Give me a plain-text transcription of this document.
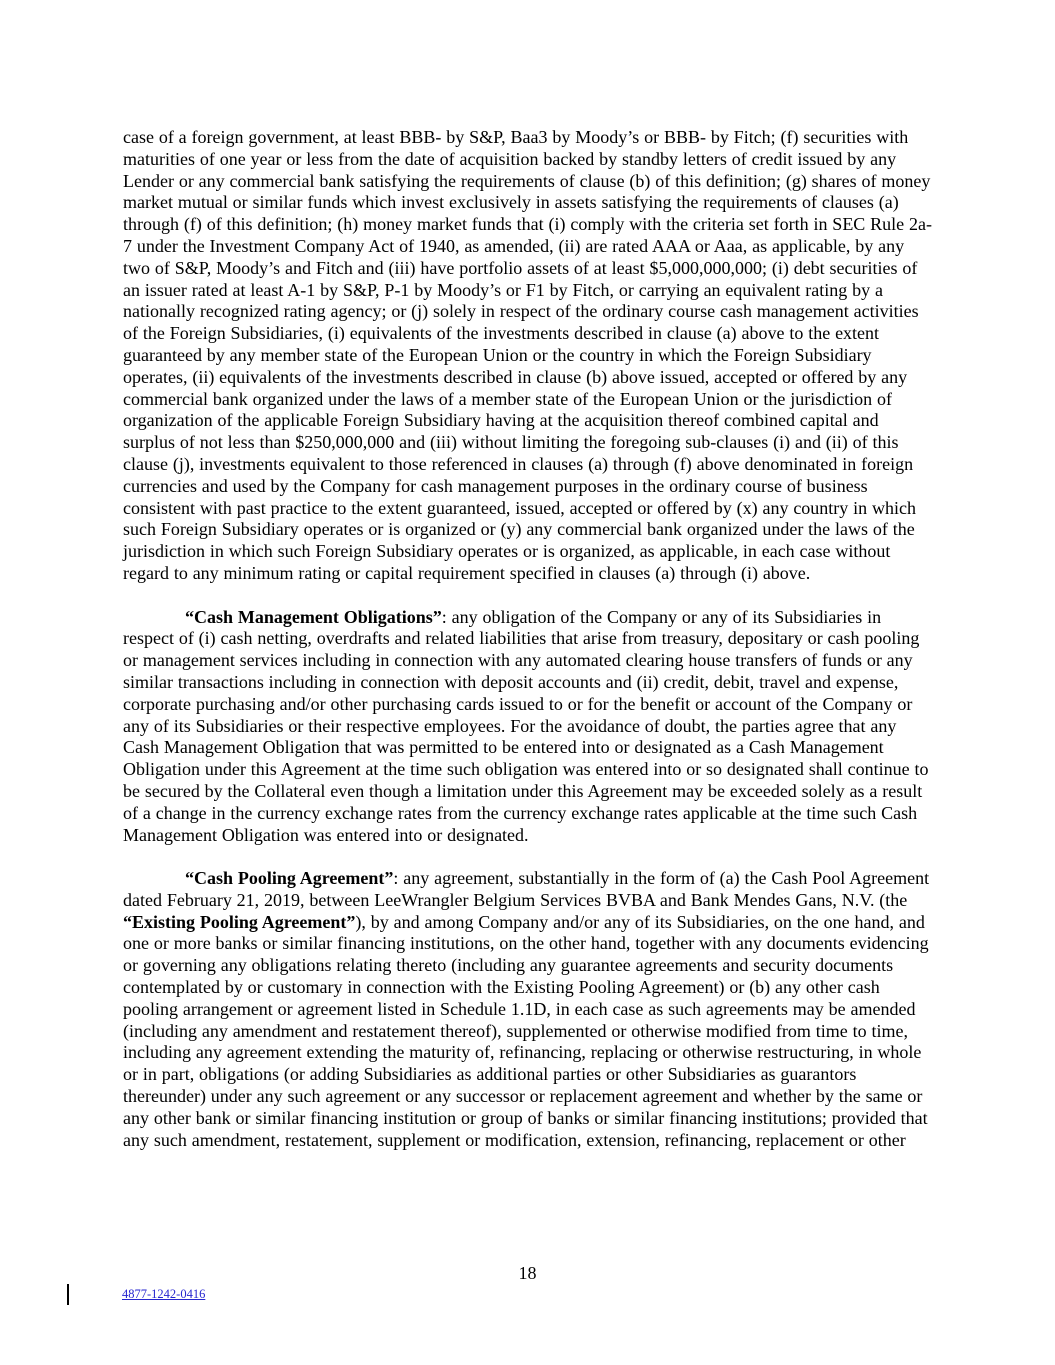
case of a foreign government, at least BBB- by S&P, Baa3 by Moody’s or BBB- by Fitch; (f) securities with maturities of one year or less from the date of acquisition backed by standby letters of credit issued by any Lender or any commercial bank satisfying the requirements of clause (b) of this definition; (g) shares of money market mutual or similar funds which invest exclusively in assets satisfying the requirements of clauses (a) through (f) of this definition; (h) money market funds that (i) comply with the criteria set forth in SEC Rule 2a-7 under the Investment Company Act of 1940, as amended, (ii) are rated AAA or Aaa, as applicable, by any two of S&P, Moody’s and Fitch and (iii) have portfolio assets of at least $5,000,000,000; (i) debt securities of an issuer rated at least A-1 by S&P, P-1 by Moody’s or F1 by Fitch, or carrying an equivalent rating by a nationally recognized rating agency; or (j) solely in respect of the ordinary course cash management activities of the Foreign Subsidiaries, (i) equivalents of the investments described in clause (a) above to the extent guaranteed by any member state of the European Union or the country in which the Foreign Subsidiary operates, (ii) equivalents of the investments described in clause (b) above issued, accepted or offered by any commercial bank organized under the laws of a member state of the European Union or the jurisdiction of organization of the applicable Foreign Subsidiary having at the acquisition thereof combined capital and surplus of not less than $250,000,000 and (iii) without limiting the foregoing sub-clauses (i) and (ii) of this clause (j), investments equivalent to those referenced in clauses (a) through (f) above denominated in foreign currencies and used by the Company for cash management purposes in the ordinary course of business consistent with past practice to the extent guaranteed, issued, accepted or offered by (x) any country in which such Foreign Subsidiary operates or is organized or (y) any commercial bank organized under the laws of the jurisdiction in which such Foreign Subsidiary operates or is organized, as applicable, in each case without regard to any minimum rating or capital requirement specified in clauses (a) through (i) above.

“Cash Management Obligations”: any obligation of the Company or any of its Subsidiaries in respect of (i) cash netting, overdrafts and related liabilities that arise from treasury, depositary or cash pooling or management services including in connection with any automated clearing house transfers of funds or any similar transactions including in connection with deposit accounts and (ii) credit, debit, travel and expense, corporate purchasing and/or other purchasing cards issued to or for the benefit or account of the Company or any of its Subsidiaries or their respective employees. For the avoidance of doubt, the parties agree that any Cash Management Obligation that was permitted to be entered into or designated as a Cash Management Obligation under this Agreement at the time such obligation was entered into or so designated shall continue to be secured by the Collateral even though a limitation under this Agreement may be exceeded solely as a result of a change in the currency exchange rates from the currency exchange rates applicable at the time such Cash Management Obligation was entered into or designated.

“Cash Pooling Agreement”: any agreement, substantially in the form of (a) the Cash Pool Agreement dated February 21, 2019, between LeeWrangler Belgium Services BVBA and Bank Mendes Gans, N.V. (the “Existing Pooling Agreement”), by and among Company and/or any of its Subsidiaries, on the one hand, and one or more banks or similar financing institutions, on the other hand, together with any documents evidencing or governing any obligations relating thereto (including any guarantee agreements and security documents contemplated by or customary in connection with the Existing Pooling Agreement) or (b) any other cash pooling arrangement or agreement listed in Schedule 1.1D, in each case as such agreements may be amended (including any amendment and restatement thereof), supplemented or otherwise modified from time to time, including any agreement extending the maturity of, refinancing, replacing or otherwise restructuring, in whole or in part, obligations (or adding Subsidiaries as additional parties or other Subsidiaries as guarantors thereunder) under any such agreement or any successor or replacement agreement and whether by the same or any other bank or similar financing institution or group of banks or similar financing institutions; provided that any such amendment, restatement, supplement or modification, extension, refinancing, replacement or other

18
4877-1242-0416
